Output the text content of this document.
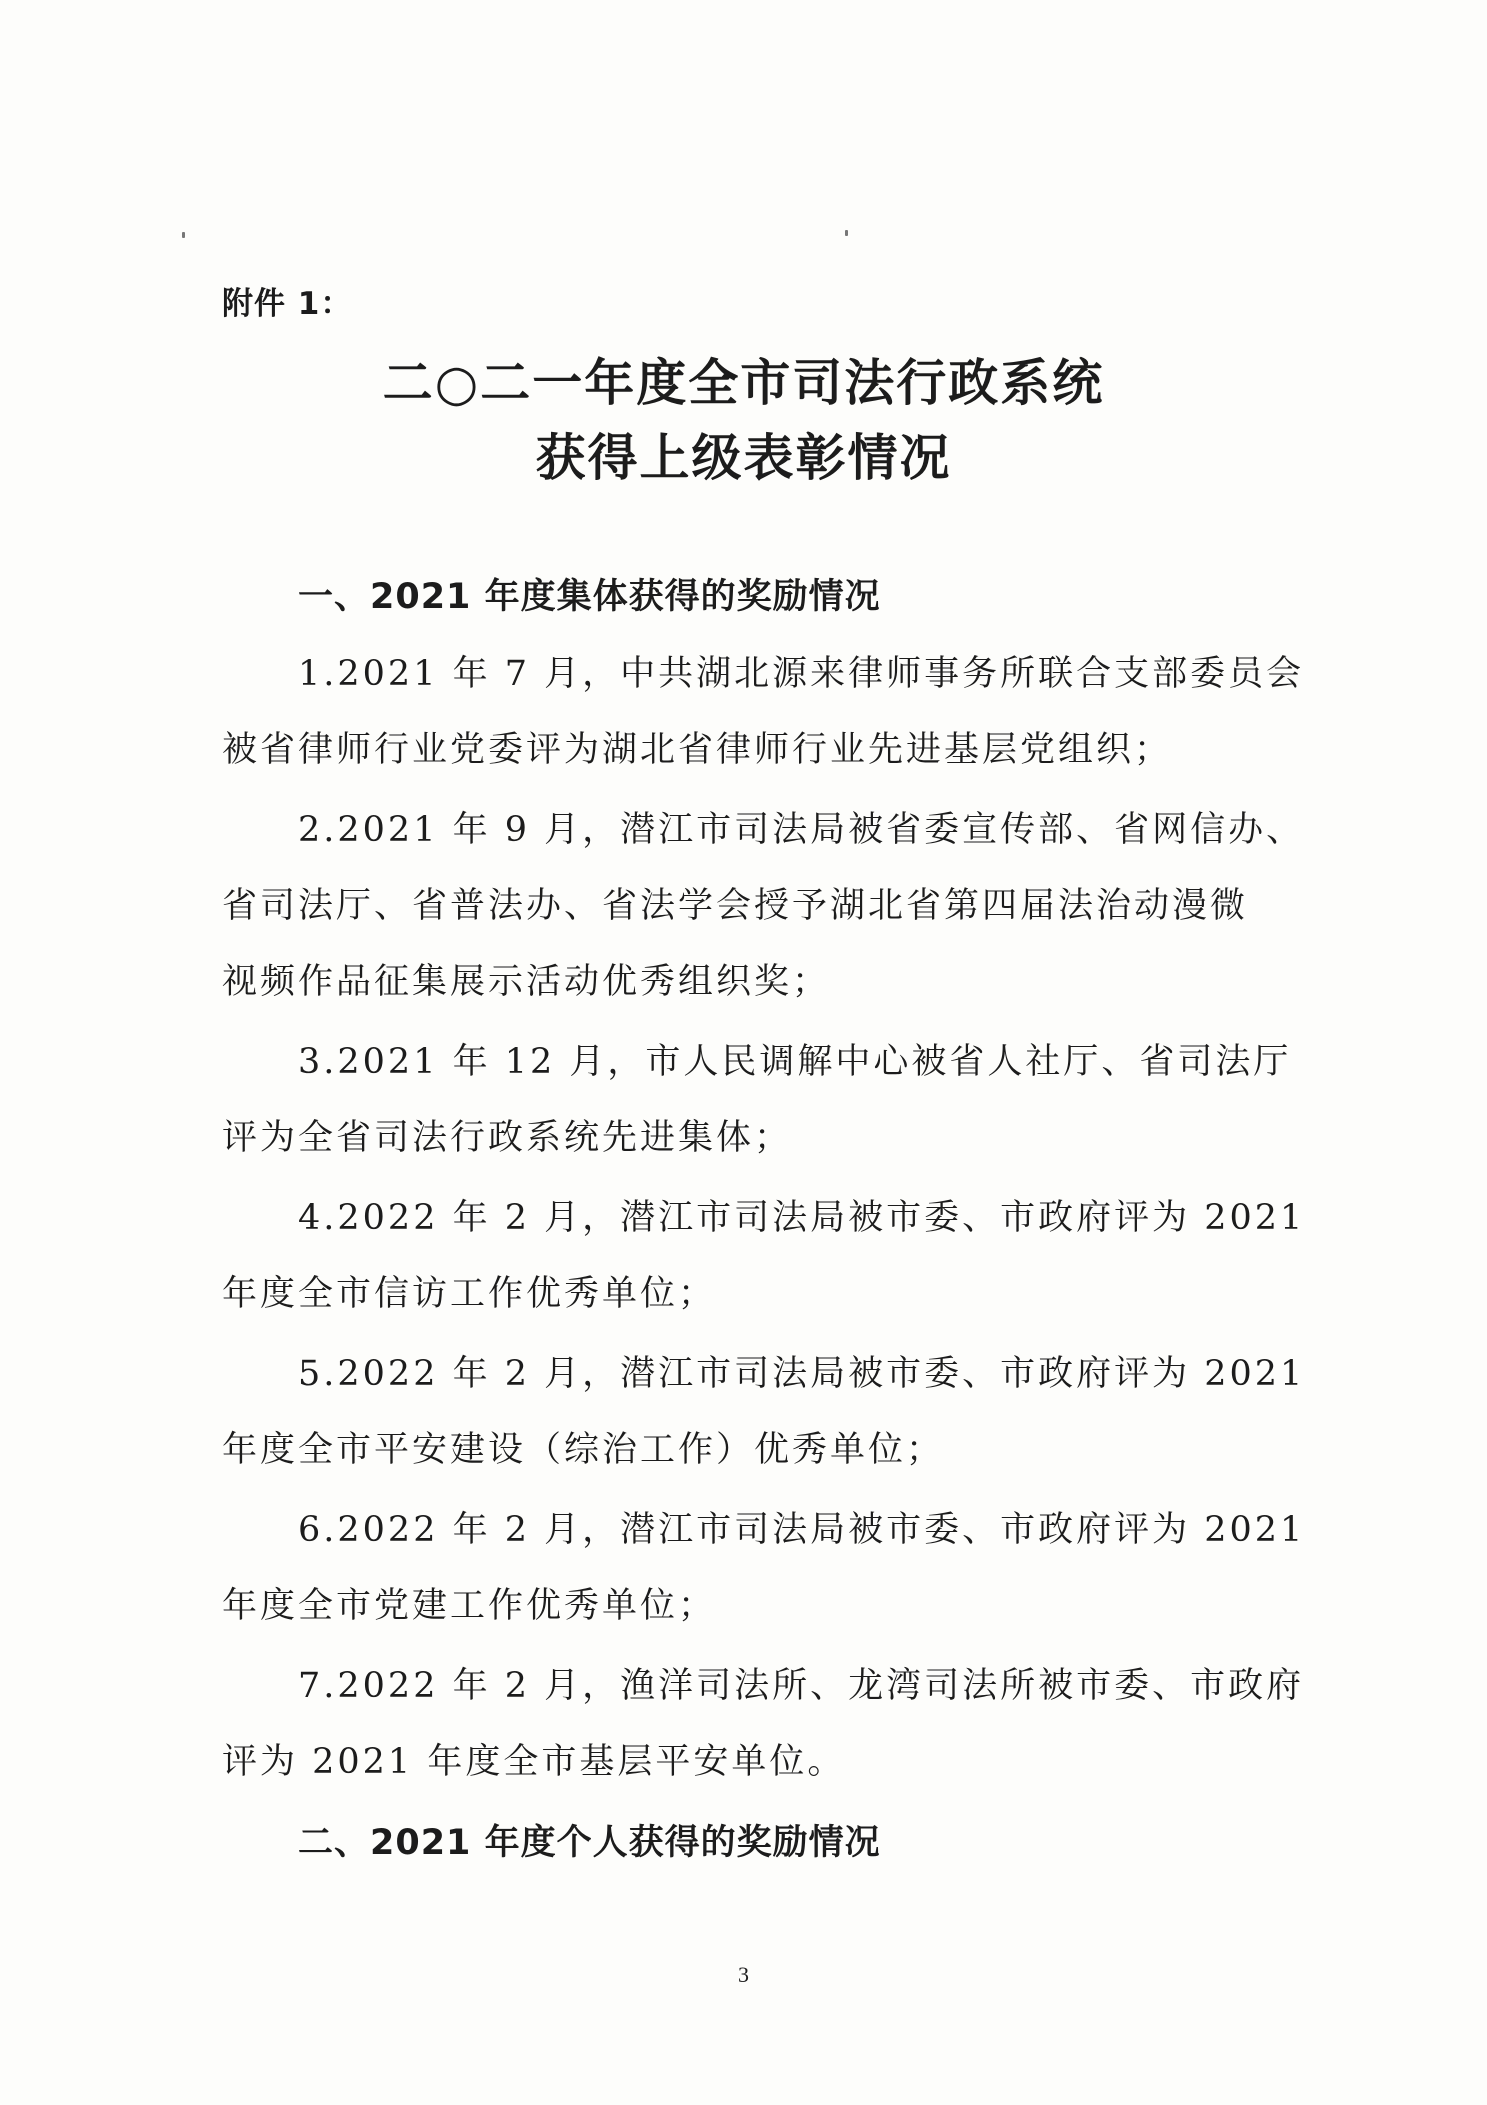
附件 1：
二○二一年度全市司法行政系统
获得上级表彰情况
一、2021 年度集体获得的奖励情况
1.2021 年 7 月，中共湖北源来律师事务所联合支部委员会
被省律师行业党委评为湖北省律师行业先进基层党组织；
2.2021 年 9 月，潜江市司法局被省委宣传部、省网信办、
省司法厅、省普法办、省法学会授予湖北省第四届法治动漫微
视频作品征集展示活动优秀组织奖；
3.2021 年 12 月，市人民调解中心被省人社厅、省司法厅
评为全省司法行政系统先进集体；
4.2022 年 2 月，潜江市司法局被市委、市政府评为 2021
年度全市信访工作优秀单位；
5.2022 年 2 月，潜江市司法局被市委、市政府评为 2021
年度全市平安建设（综治工作）优秀单位；
6.2022 年 2 月，潜江市司法局被市委、市政府评为 2021
年度全市党建工作优秀单位；
7.2022 年 2 月，渔洋司法所、龙湾司法所被市委、市政府
评为 2021 年度全市基层平安单位。
二、2021 年度个人获得的奖励情况
3
